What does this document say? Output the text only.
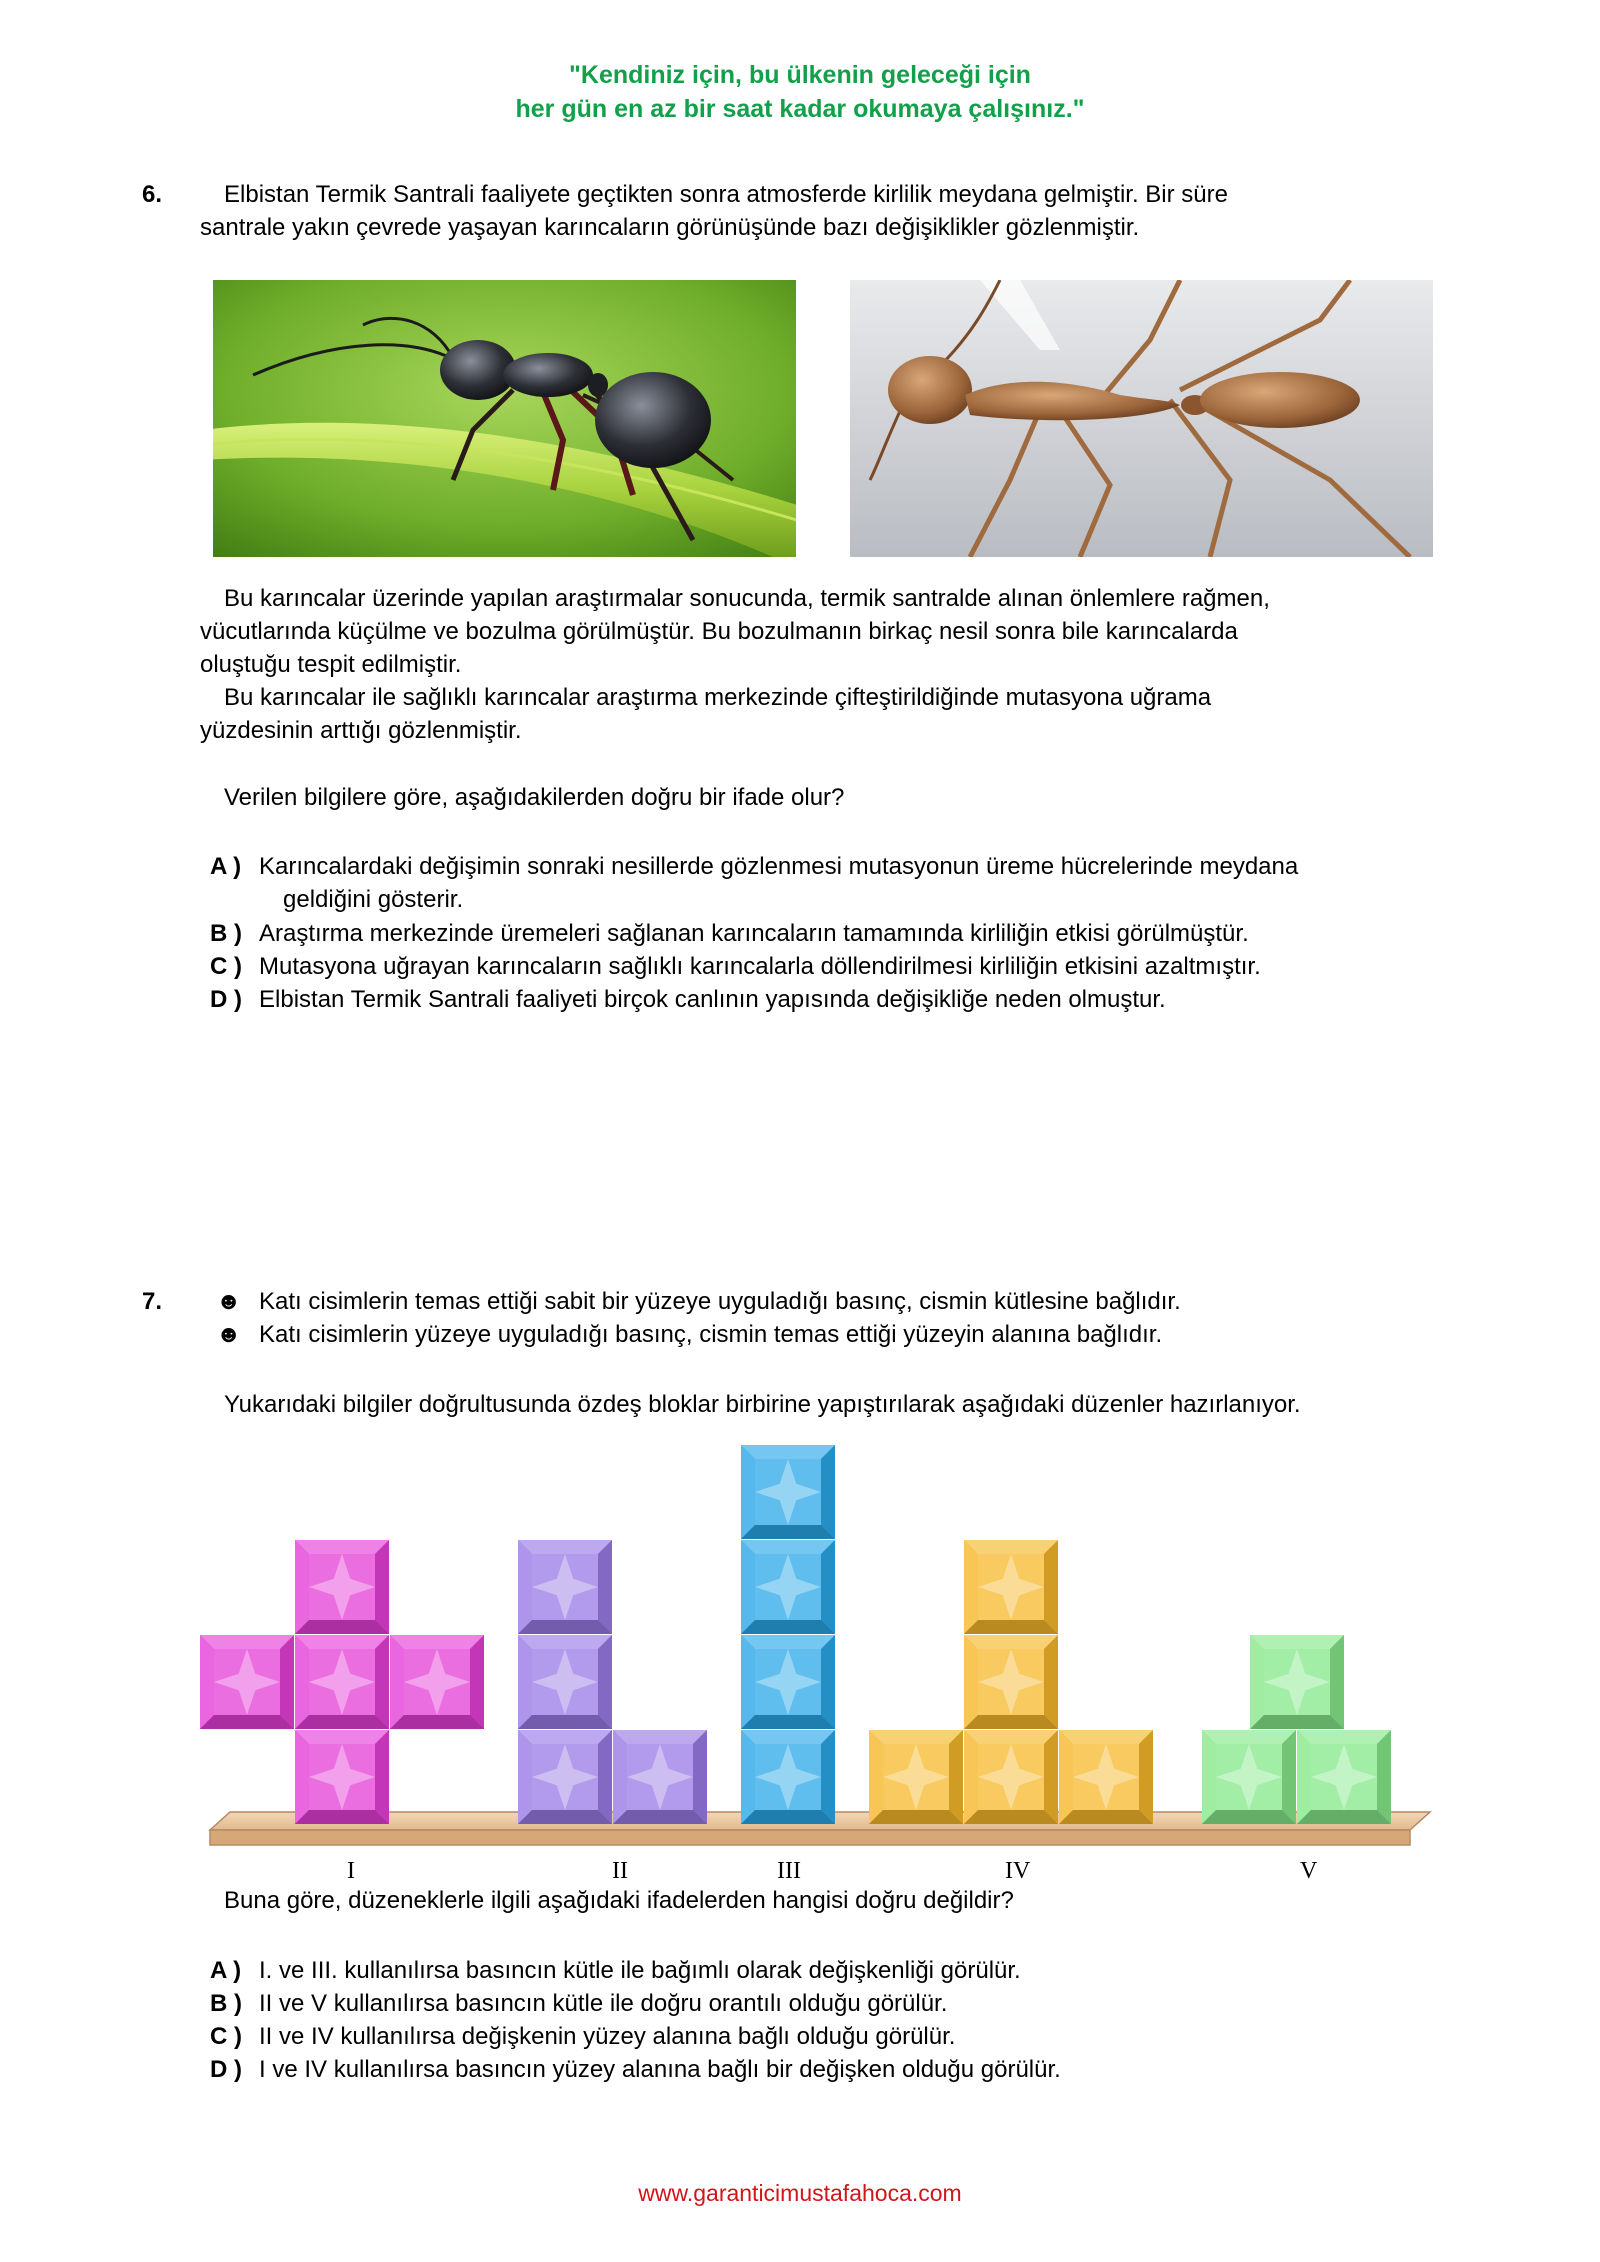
"Kendiniz için, bu ülkenin geleceği için
her gün en az bir saat kadar okumaya çalışınız."
6.	Elbistan Termik Santrali faaliyete geçtikten sonra atmosferde kirlilik meydana gelmiştir. Bir süre
santrale yakın çevrede yaşayan karıncaların görünüşünde bazı değişiklikler gözlenmiştir.
Bu karıncalar üzerinde yapılan araştırmalar sonucunda, termik santralde alınan önlemlere rağmen,
vücutlarında küçülme ve bozulma görülmüştür. Bu bozulmanın birkaç nesil sonra bile karıncalarda
oluştuğu tespit edilmiştir.
Bu karıncalar ile sağlıklı karıncalar araştırma merkezinde çifteştirildiğinde mutasyona uğrama
yüzdesinin arttığı gözlenmiştir.
Verilen bilgilere göre, aşağıdakilerden doğru bir ifade olur?
A ) Karıncalardaki değişimin sonraki nesillerde gözlenmesi mutasyonun üreme hücrelerinde meydana
geldiğini gösterir.
B ) Araştırma merkezinde üremeleri sağlanan karıncaların tamamında kirliliğin etkisi görülmüştür.
C ) Mutasyona uğrayan karıncaların sağlıklı karıncalarla döllendirilmesi kirliliğin etkisini azaltmıştır.
D ) Elbistan Termik Santrali faaliyeti birçok canlının yapısında değişikliğe neden olmuştur.
7. ☻ Katı cisimlerin temas ettiği sabit bir yüzeye uyguladığı basınç, cismin kütlesine bağlıdır.
☻ Katı cisimlerin yüzeye uyguladığı basınç, cismin temas ettiği yüzeyin alanına bağlıdır.
Yukarıdaki bilgiler doğrultusunda özdeş bloklar birbirine yapıştırılarak aşağıdaki düzenler hazırlanıyor.
I	II	III	IV	V
Buna göre, düzeneklerle ilgili aşağıdaki ifadelerden hangisi doğru değildir?
A ) I. ve III. kullanılırsa basıncın kütle ile bağımlı olarak değişkenliği görülür.
B ) II ve V kullanılırsa basıncın kütle ile doğru orantılı olduğu görülür.
C ) II ve IV kullanılırsa değişkenin yüzey alanına bağlı olduğu görülür.
D ) I ve IV kullanılırsa basıncın yüzey alanına bağlı bir değişken olduğu görülür.
www.garanticimustafahoca.com
